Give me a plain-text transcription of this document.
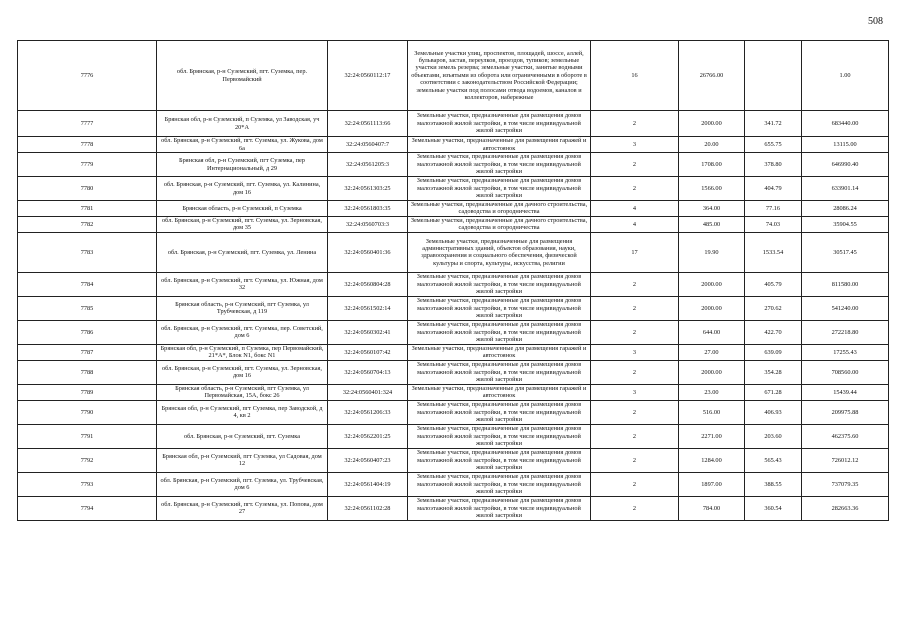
508
7776	обл. Брянская, р-н Суземский, пгт. Суземка, пер. Первомайский	32:24:0560112:17	Земельные участки улиц, проспектов, площадей, шоссе, аллей, бульваров, застав, переулков, проездов, тупиков; земельные участки земель резерва; земельные участки, занятые водными объектами, изъятыми из оборота или ограниченными в обороте в соответствии с законодательством Российской Федерации; земельные участки под полосами отвода водоемов, каналов и коллекторов, набережные	16	26766.00		1.00
7777	Брянская обл, р-н Суземский, п Суземка, ул Заводская, уч 20*А	32:24:0561113:66	Земельные участки, предназначенные для размещения домов малоэтажной жилой застройки, в том числе индивидуальной жилой застройки	2	2000.00	341.72	683440.00
7778	обл. Брянская, р-н Суземский, пгт. Суземка, ул. Жукова, дом 6а	32:24:0560407:7	Земельные участки, предназначенные для размещения гаражей и автостоянок	3	20.00	655.75	13115.00
7779	Брянская обл, р-н Суземский, пгт Суземка, пер Интернациональный, д 29	32:24:0561205:3	Земельные участки, предназначенные для размещения домов малоэтажной жилой застройки, в том числе индивидуальной жилой застройки	2	1708.00	378.80	646990.40
7780	обл. Брянская, р-н Суземский, пгт. Суземка, ул. Калинина, дом 16	32:24:0561303:25	Земельные участки, предназначенные для размещения домов малоэтажной жилой застройки, в том числе индивидуальной жилой застройки	2	1566.00	404.79	633901.14
7781	Брянская область, р-н Суземский, п Суземка	32:24:0561803:35	Земельные участки, предназначенные для дачного строительства, садоводства и огородничества	4	364.00	77.16	28086.24
7782	обл. Брянская, р-н Суземский, пгт. Суземка, ул. Зерновская, дом 35	32:24:0560703:3	Земельные участки, предназначенные для дачного строительства, садоводства и огородничества	4	485.00	74.03	35904.55
7783	обл. Брянская, р-н Суземский, пгт. Суземка, ул. Ленина	32:24:0560401:36	Земельные участки, предназначенные для размещения административных зданий, объектов образования, науки, здравоохранения и социального обеспечения, физической культуры и спорта, культуры, искусства, религии	17	19.90	1533.54	30517.45
7784	обл. Брянская, р-н Суземский, пгт. Суземка, ул. Южная, дом 32	32:24:0560804:28	Земельные участки, предназначенные для размещения домов малоэтажной жилой застройки, в том числе индивидуальной жилой застройки	2	2000.00	405.79	811580.00
7785	Брянская область, р-н Суземский, пгт Суземка, ул Трубчевская, д 119	32:24:0561502:14	Земельные участки, предназначенные для размещения домов малоэтажной жилой застройки, в том числе индивидуальной жилой застройки	2	2000.00	270.62	541240.00
7786	обл. Брянская, р-н Суземский, пгт. Суземка, пер. Советский, дом 6	32:24:0560302:41	Земельные участки, предназначенные для размещения домов малоэтажной жилой застройки, в том числе индивидуальной жилой застройки	2	644.00	422.70	272218.80
7787	Брянская обл, р-н Суземский, п Суземка, пер Первомайский, 21*А*, Блок N1, бокс N1	32:24:0560107:42	Земельные участки, предназначенные для размещения гаражей и автостоянок	3	27.00	639.09	17255.43
7788	обл. Брянская, р-н Суземский, пгт. Суземка, ул. Зерновская, дом 16	32:24:0560704:13	Земельные участки, предназначенные для размещения домов малоэтажной жилой застройки, в том числе индивидуальной жилой застройки	2	2000.00	354.28	708560.00
7789	Брянская область, р-н Суземский, пгт Суземка, ул Первомайская, 15А, бокс 26	32:24:0560401:324	Земельные участки, предназначенные для размещения гаражей и автостоянок	3	23.00	671.28	15439.44
7790	Брянская обл, р-н Суземский, пгт Суземка, пер Заводской, д 4, кв 2	32:24:0561206:33	Земельные участки, предназначенные для размещения домов малоэтажной жилой застройки, в том числе индивидуальной жилой застройки	2	516.00	406.93	209975.88
7791	обл. Брянская, р-н Суземский, пгт. Суземка	32:24:0562201:25	Земельные участки, предназначенные для размещения домов малоэтажной жилой застройки, в том числе индивидуальной жилой застройки	2	2271.00	203.60	462375.60
7792	Брянская обл, р-н Суземский, пгт Суземка, ул Садовая, дом 12	32:24:0560407:23	Земельные участки, предназначенные для размещения домов малоэтажной жилой застройки, в том числе индивидуальной жилой застройки	2	1284.00	565.43	726012.12
7793	обл. Брянская, р-н Суземский, пгт. Суземка, ул. Трубчевская, дом 6	32:24:0561404:19	Земельные участки, предназначенные для размещения домов малоэтажной жилой застройки, в том числе индивидуальной жилой застройки	2	1897.00	388.55	737079.35
7794	обл. Брянская, р-н Суземский, пгт. Суземка, ул. Попова, дом 27	32:24:0561102:28	Земельные участки, предназначенные для размещения домов малоэтажной жилой застройки, в том числе индивидуальной жилой застройки	2	784.00	360.54	282663.36
